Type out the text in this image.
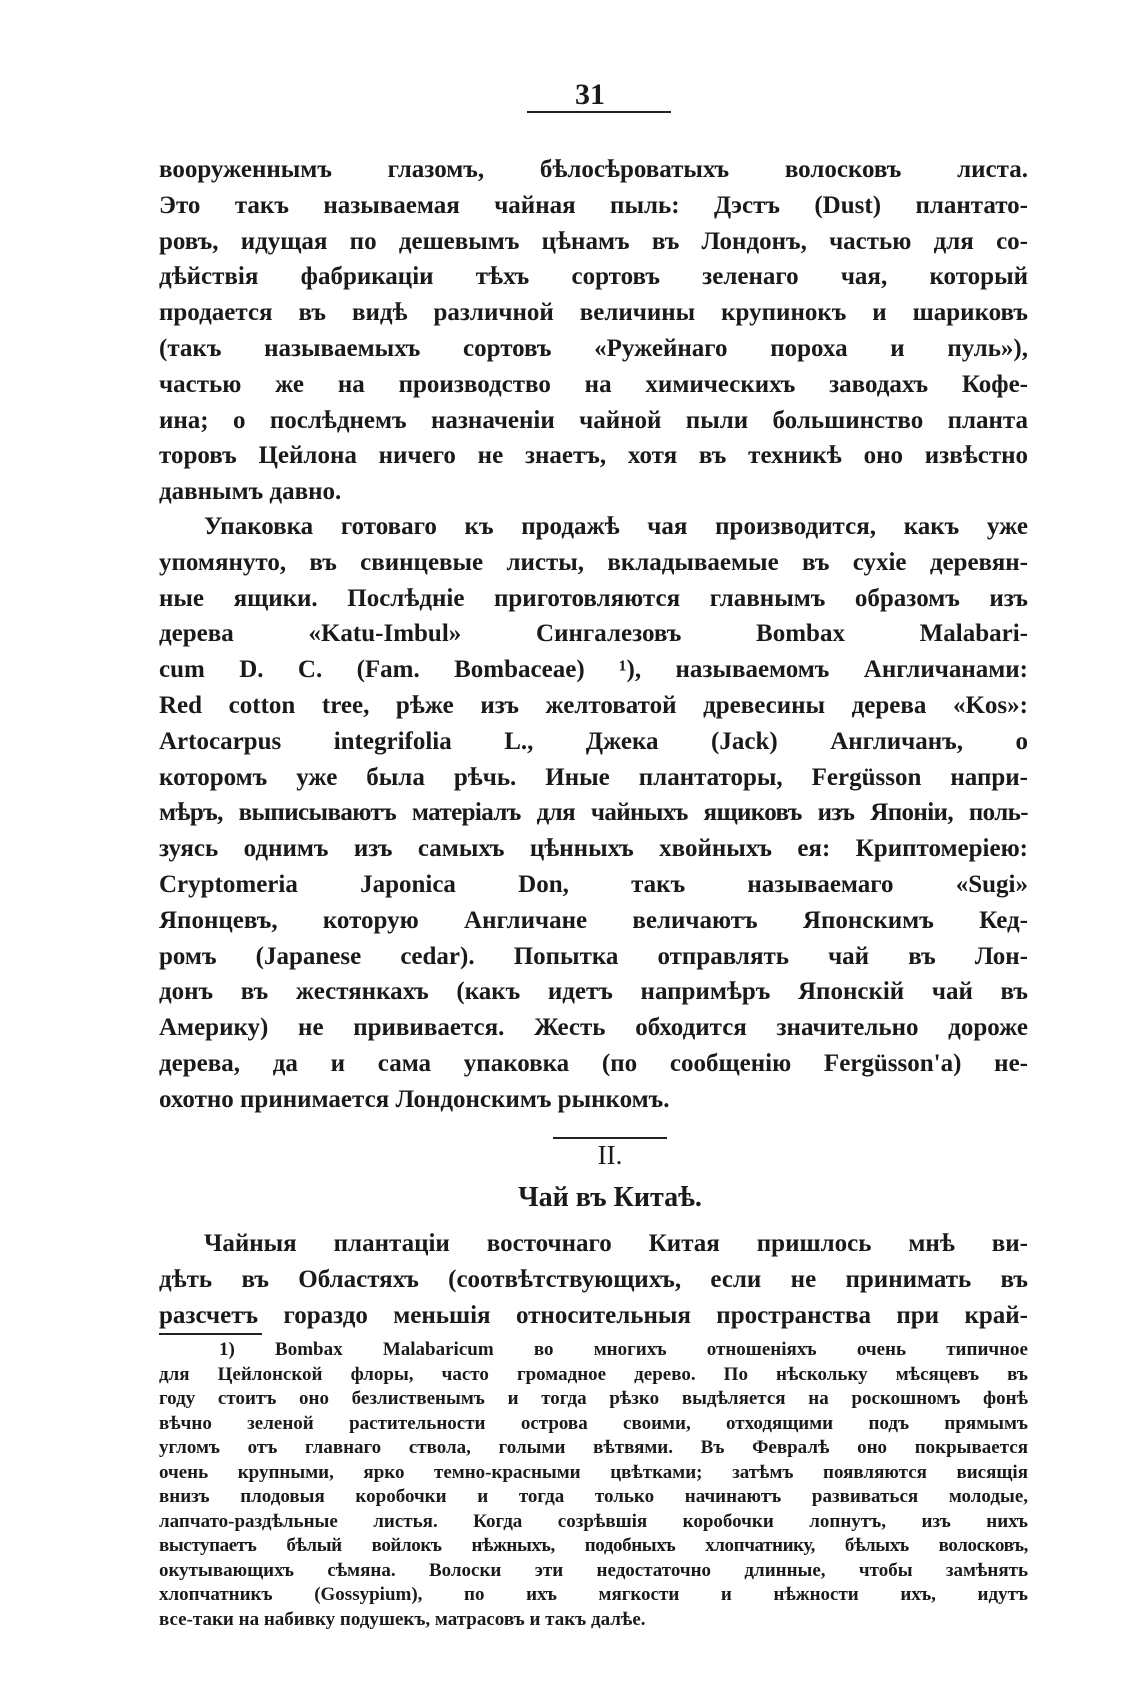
31
вооруженнымъ глазомъ, бѣлосѣроватыхъ волосковъ листа.
Это такъ называемая чайная пыль: Дэстъ (Dust) плантато-
ровъ, идущая по дешевымъ цѣнамъ въ Лондонъ, частью для со-
дѣйствія фабрикаціи тѣхъ сортовъ зеленаго чая, который
продается въ видѣ различной величины крупинокъ и шариковъ
(такъ называемыхъ сортовъ «Ружейнаго пороха и пуль»),
частью же на производство на химическихъ заводахъ Кофе-
ина; о послѣднемъ назначеніи чайной пыли большинство планта
торовъ Цейлона ничего не знаетъ, хотя въ техникѣ оно извѣстно
давнымъ давно.
Упаковка готоваго къ продажѣ чая производится, какъ уже
упомянуто, въ свинцевые листы, вкладываемые въ сухіе деревян-
ные ящики. Послѣдніе приготовляются главнымъ образомъ изъ
дерева «Katu-Imbul» Сингалезовъ Bombax Malabari-
cum D. C. (Fam. Bombaceae) ¹), называемомъ Англичанами:
Red cotton tree, рѣже изъ желтоватой древесины дерева «Kos»:
Artocarpus integrifolia L., Джека (Jack) Англичанъ, о
которомъ уже была рѣчь. Иные плантаторы, Fergüsson напри-
мѣръ, выписываютъ матеріалъ для чайныхъ ящиковъ изъ Японіи, поль-
зуясь однимъ изъ самыхъ цѣнныхъ хвойныхъ ея: Криптомеріею:
Cryptomeria Japonica Don, такъ называемаго «Sugi»
Японцевъ, которую Англичане величаютъ Японскимъ Кед-
ромъ (Japanese cedar). Попытка отправлять чай въ Лон-
донъ въ жестянкахъ (какъ идетъ напримѣръ Японскій чай въ
Америку) не прививается. Жесть обходится значительно дороже
дерева, да и сама упаковка (по сообщенію Fergüsson'а) не-
охотно принимается Лондонскимъ рынкомъ.
II.
Чай въ Китаѣ.
Чайныя плантаціи восточнаго Китая пришлось мнѣ ви-
дѣть въ Областяхъ (соотвѣтствующихъ, если не принимать въ
разсчетъ гораздо меньшія относительныя пространства при край-
1) Bombax Malabaricum во многихъ отношеніяхъ очень типичное
для Цейлонской флоры, часто громадное дерево. По нѣскольку мѣсяцевъ въ
году стоитъ оно безлиственымъ и тогда рѣзко выдѣляется на роскошномъ фонѣ
вѣчно зеленой растительности острова своими, отходящими подъ прямымъ
угломъ отъ главнаго ствола, голыми вѣтвями. Въ Февралѣ оно покрывается
очень крупными, ярко темно-красными цвѣтками; затѣмъ появляются висящія
внизъ плодовыя коробочки и тогда только начинаютъ развиваться молодые,
лапчато-раздѣльные листья. Когда созрѣвшія коробочки лопнутъ, изъ нихъ
выступаетъ бѣлый войлокъ нѣжныхъ, подобныхъ хлопчатнику, бѣлыхъ волосковъ,
окутывающихъ сѣмяна. Волоски эти недостаточно длинные, чтобы замѣнять
хлопчатникъ (Gossypium), по ихъ мягкости и нѣжности ихъ, идутъ
все-таки на набивку подушекъ, матрасовъ и такъ далѣе.
